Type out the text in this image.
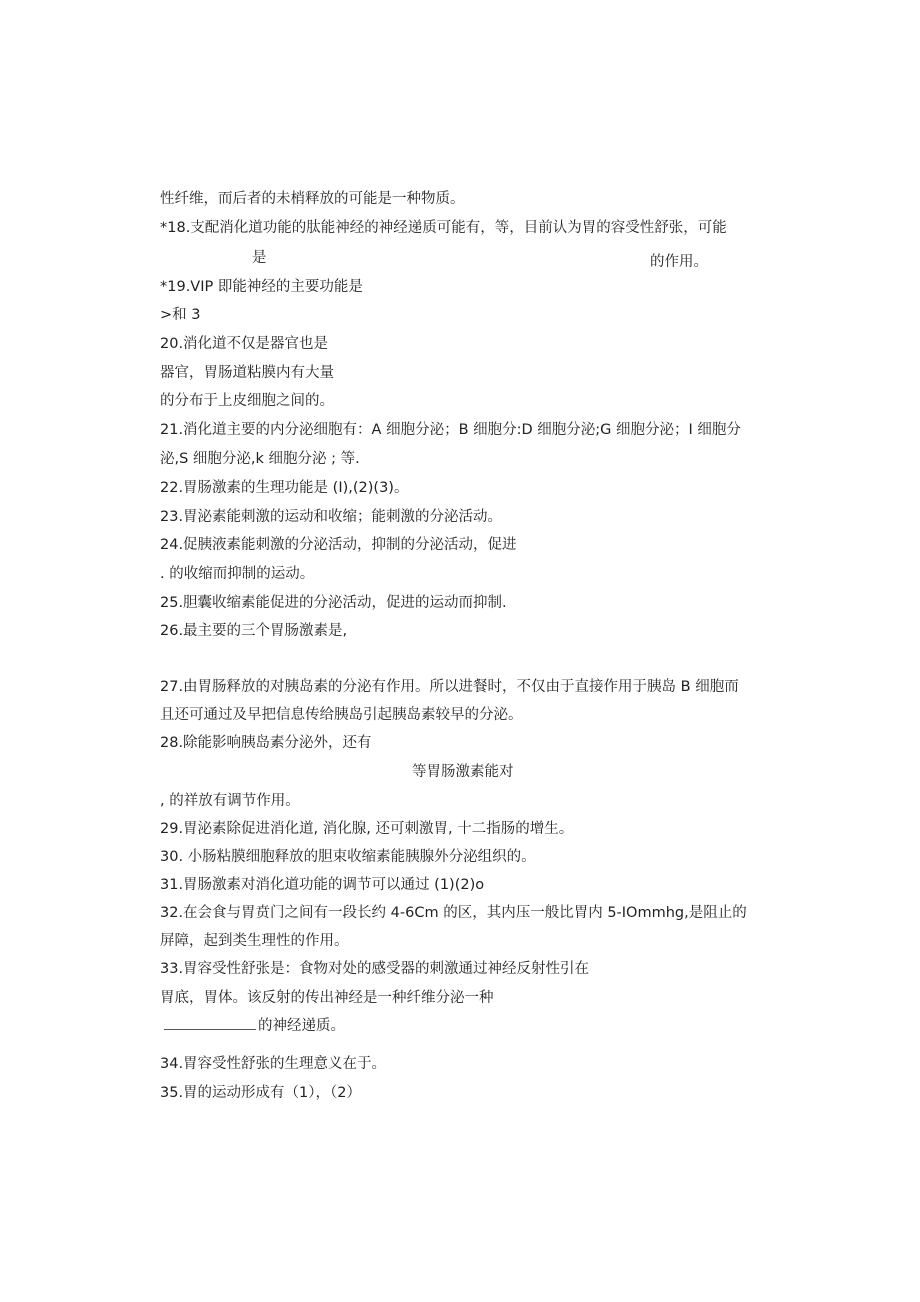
性纤维，而后者的未梢释放的可能是一种物质。
*18.支配消化道功能的肽能神经的神经递质可能有，等，目前认为胃的容受性舒张，可能
是	的作用。
*19.VIP 即能神经的主要功能是
>和 3
20.消化道不仅是器官也是
器官，胃肠道粘膜内有大量
的分布于上皮细胞之间的。
21.消化道主要的内分泌细胞有：A 细胞分泌；B 细胞分:D 细胞分泌;G 细胞分泌；I 细胞分
泌,S 细胞分泌,k 细胞分泌 ; 等.
22.胃肠激素的生理功能是 (I),(2)(3)。
23.胃泌素能刺激的运动和收缩；能刺激的分泌活动。
24.促胰液素能刺激的分泌活动，抑制的分泌活动，促进
. 的收缩而抑制的运动。
25.胆囊收缩素能促进的分泌活动，促进的运动而抑制.
26.最主要的三个胃肠激素是,
27.由胃肠释放的对胰岛素的分泌有作用。所以进餐时，不仅由于直接作用于胰岛 B 细胞而
且还可通过及早把信息传给胰岛引起胰岛素较早的分泌。
28.除能影响胰岛素分泌外，还有
等胃肠激素能对
, 的祥放有调节作用。
29.胃泌素除促进消化道, 消化腺, 还可刺激胃, 十二指肠的增生。
30. 小肠粘膜细胞释放的胆束收缩素能胰腺外分泌组织的。
31.胃肠激素对消化道功能的调节可以通过 (1)(2)o
32.在会食与胃贲门之间有一段长约 4-6Cm 的区，其内压一般比胃内 5-IOmmhg,是阻止的
屏障，起到类生理性的作用。
33.胃容受性舒张是：食物对处的感受器的刺激通过神经反射性引在
胃底，胃体。该反射的传出神经是一种纤维分泌一种
的神经递质。
34.胃容受性舒张的生理意义在于。
35.胃的运动形成有（1），（2）
